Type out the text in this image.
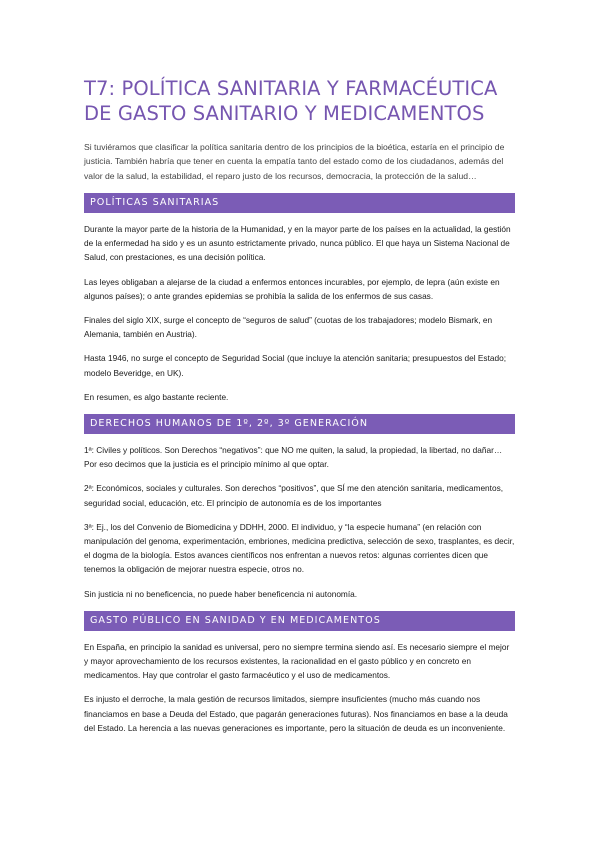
T7: POLÍTICA SANITARIA Y FARMACÉUTICA
DE GASTO SANITARIO Y MEDICAMENTOS

Si tuviéramos que clasificar la política sanitaria dentro de los principios de la bioética, estaría en el principio de justicia. También habría que tener en cuenta la empatía tanto del estado como de los ciudadanos, además del valor de la salud, la estabilidad, el reparo justo de los recursos, democracia, la protección de la salud…

POLÍTICAS SANITARIAS

Durante la mayor parte de la historia de la Humanidad, y en la mayor parte de los países en la actualidad, la gestión de la enfermedad ha sido y es un asunto estrictamente privado, nunca público. El que haya un Sistema Nacional de Salud, con prestaciones, es una decisión política.

Las leyes obligaban a alejarse de la ciudad a enfermos entonces incurables, por ejemplo, de lepra (aún existe en algunos países); o ante grandes epidemias se prohibía la salida de los enfermos de sus casas.

Finales del siglo XIX, surge el concepto de “seguros de salud” (cuotas de los trabajadores; modelo Bismark, en Alemania, también en Austria).

Hasta 1946, no surge el concepto de Seguridad Social (que incluye la atención sanitaria; presupuestos del Estado; modelo Beveridge, en UK).

En resumen, es algo bastante reciente.

DERECHOS HUMANOS DE 1º, 2º, 3º GENERACIÓN

1ª: Civiles y políticos. Son Derechos “negativos”: que NO me quiten, la salud, la propiedad, la libertad, no dañar… Por eso decimos que la justicia es el principio mínimo al que optar.

2ª: Económicos, sociales y culturales. Son derechos “positivos”, que SÍ me den atención sanitaria, medicamentos, seguridad social, educación, etc. El principio de autonomía es de los importantes

3ª: Ej., los del Convenio de Biomedicina y DDHH, 2000. El individuo, y “la especie humana” (en relación con manipulación del genoma, experimentación, embriones, medicina predictiva, selección de sexo, trasplantes, es decir, el dogma de la biología. Estos avances científicos nos enfrentan a nuevos retos: algunas corrientes dicen que tenemos la obligación de mejorar nuestra especie, otros no.

Sin justicia ni no beneficencia, no puede haber beneficencia ni autonomía.

GASTO PÚBLICO EN SANIDAD Y EN MEDICAMENTOS

En España, en principio la sanidad es universal, pero no siempre termina siendo así. Es necesario siempre el mejor y mayor aprovechamiento de los recursos existentes, la racionalidad en el gasto público y en concreto en medicamentos. Hay que controlar el gasto farmacéutico y el uso de medicamentos.

Es injusto el derroche, la mala gestión de recursos limitados, siempre insuficientes (mucho más cuando nos financiamos en base a Deuda del Estado, que pagarán generaciones futuras). Nos financiamos en base a la deuda del Estado. La herencia a las nuevas generaciones es importante, pero la situación de deuda es un inconveniente.
